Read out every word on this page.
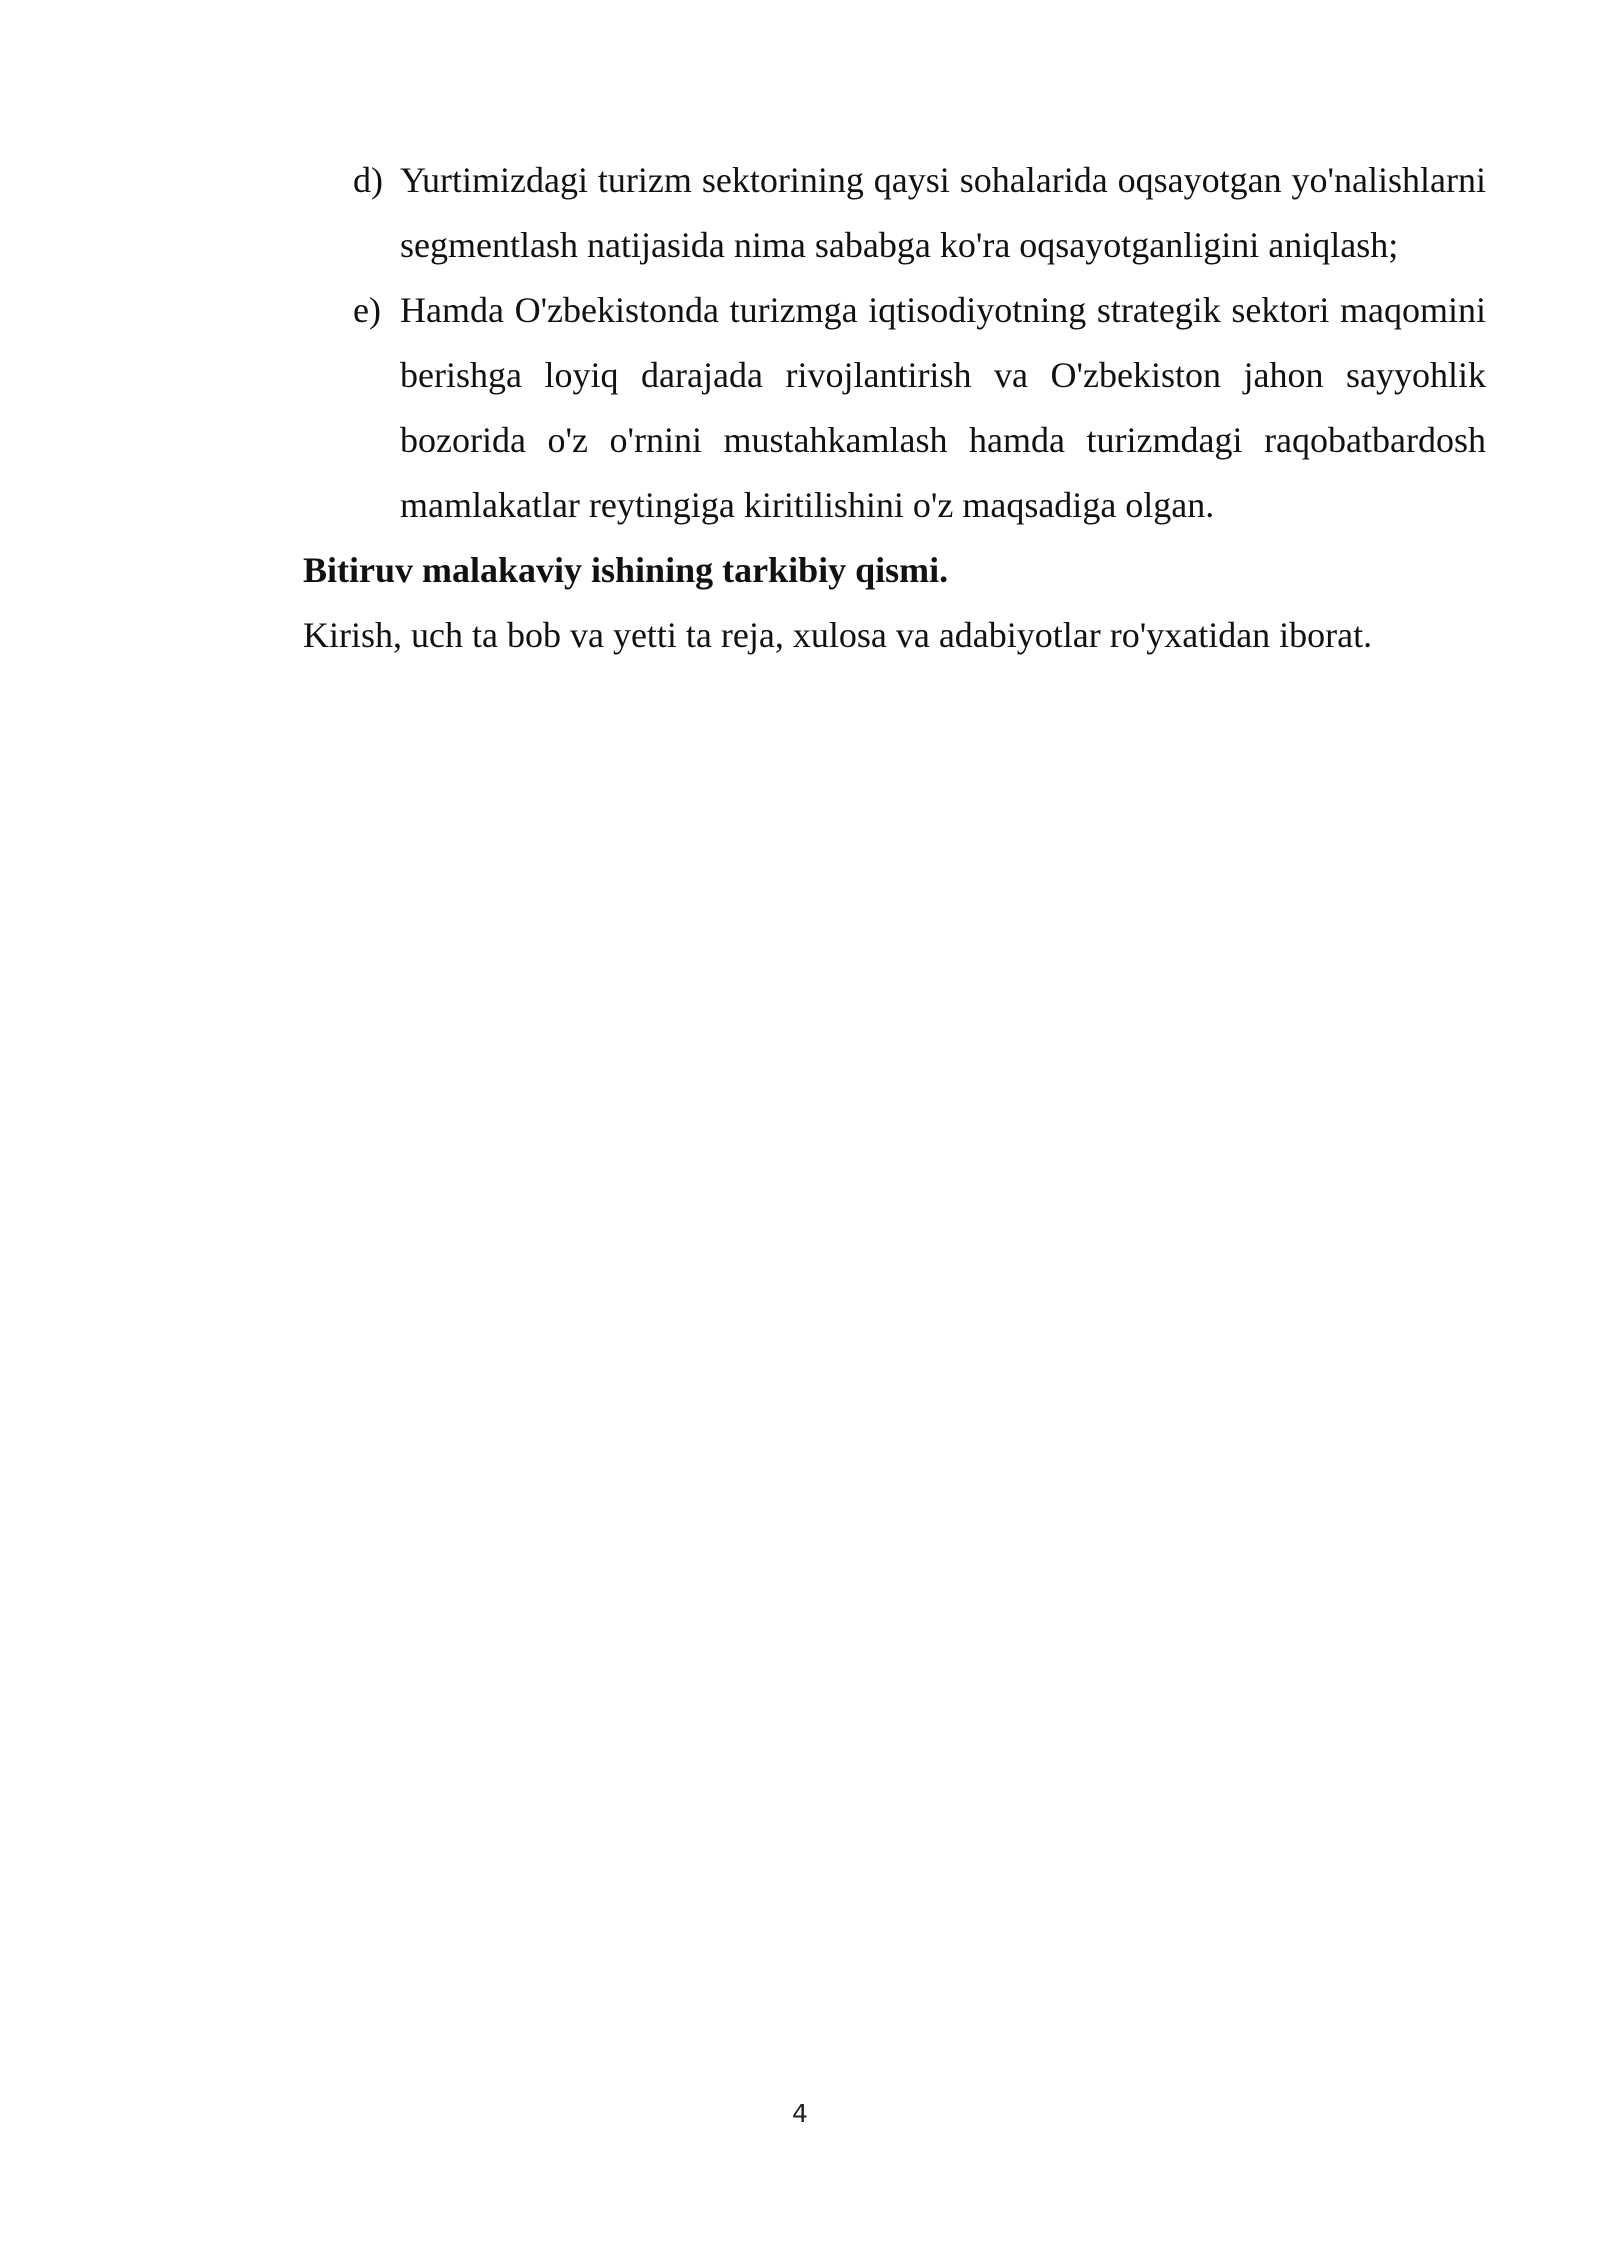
d) Yurtimizdagi turizm sektorining qaysi sohalarida oqsayotgan yo'nalishlarni segmentlash natijasida nima sababga ko'ra oqsayotganligini aniqlash;
e) Hamda O'zbekistonda turizmga iqtisodiyotning strategik sektori maqomini berishga loyiq darajada rivojlantirish va O'zbekiston jahon sayyohlik bozorida o'z o'rnini mustahkamlash hamda turizmdagi raqobatbardosh mamlakatlar reytingiga kiritilishini o'z maqsadiga olgan.

Bitiruv malakaviy ishining tarkibiy qismi.

Kirish, uch ta bob va yetti ta reja, xulosa va adabiyotlar ro'yxatidan iborat.

4
